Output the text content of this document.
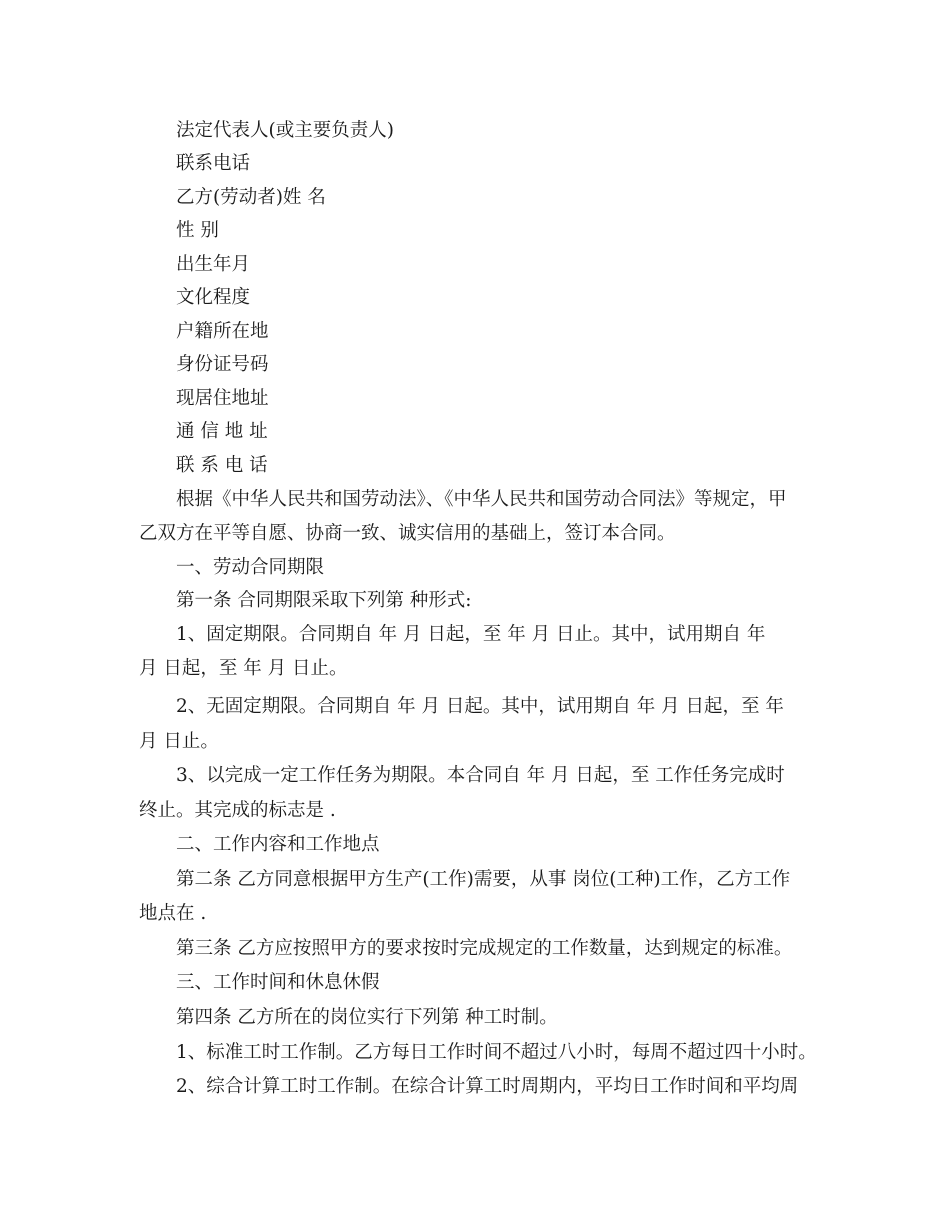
法定代表人(或主要负责人)
联系电话
乙方(劳动者)姓 名
性 别
出生年月
文化程度
户籍所在地
身份证号码
现居住地址
通 信 地 址
联 系 电 话
根据《中华人民共和国劳动法》、《中华人民共和国劳动合同法》等规定，甲
乙双方在平等自愿、协商一致、诚实信用的基础上，签订本合同。
一、劳动合同期限
第一条 合同期限采取下列第 种形式:
1、固定期限。合同期自 年 月 日起，至 年 月 日止。其中，试用期自 年
月 日起，至 年 月 日止。
2、无固定期限。合同期自 年 月 日起。其中，试用期自 年 月 日起，至 年
月 日止。
3、以完成一定工作任务为期限。本合同自 年 月 日起，至 工作任务完成时
终止。其完成的标志是 .
二、工作内容和工作地点
第二条 乙方同意根据甲方生产(工作)需要，从事 岗位(工种)工作，乙方工作
地点在 .
第三条 乙方应按照甲方的要求按时完成规定的工作数量，达到规定的标准。
三、工作时间和休息休假
第四条 乙方所在的岗位实行下列第 种工时制。
1、标准工时工作制。乙方每日工作时间不超过八小时，每周不超过四十小时。
2、综合计算工时工作制。在综合计算工时周期内，平均日工作时间和平均周
